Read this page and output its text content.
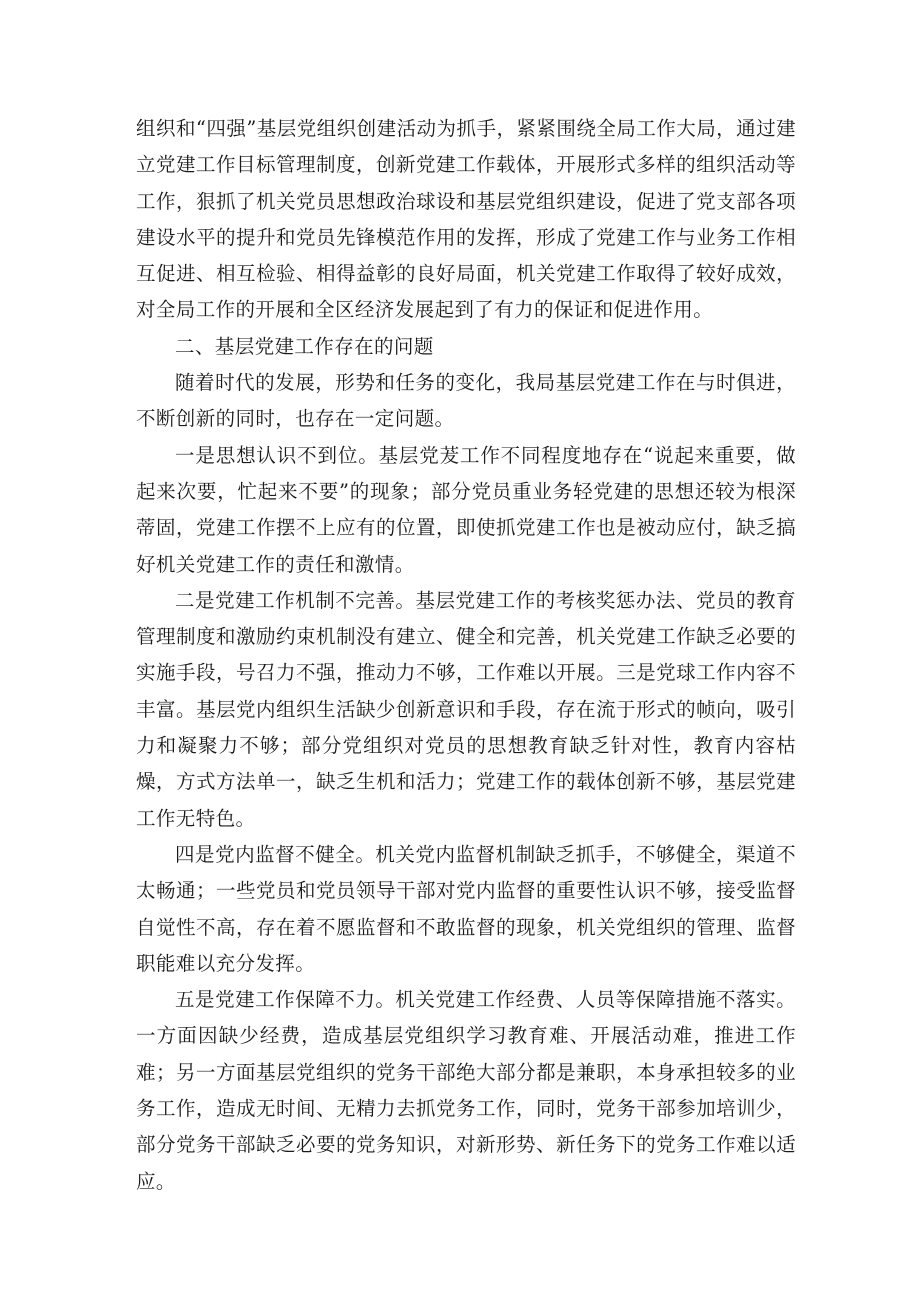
组织和“四强”基层党组织创建活动为抓手，紧紧围绕全局工作大局，通过建立党建工作目标管理制度，创新党建工作载体，开展形式多样的组织活动等工作，狠抓了机关党员思想政治球设和基层党组织建设，促进了党支部各项建设水平的提升和党员先锋模范作用的发挥，形成了党建工作与业务工作相互促进、相互检验、相得益彰的良好局面，机关党建工作取得了较好成效，对全局工作的开展和全区经济发展起到了有力的保证和促进作用。

二、基层党建工作存在的问题

随着时代的发展，形势和任务的变化，我局基层党建工作在与时俱进，不断创新的同时，也存在一定问题。

一是思想认识不到位。基层党茇工作不同程度地存在“说起来重要，做起来次要，忙起来不要”的现象；部分党员重业务轻党建的思想还较为根深蒂固，党建工作摆不上应有的位置，即使抓党建工作也是被动应付，缺乏搞好机关党建工作的责任和激情。

二是党建工作机制不完善。基层党建工作的考核奖惩办法、党员的教育管理制度和激励约束机制没有建立、健全和完善，机关党建工作缺乏必要的实施手段，号召力不强，推动力不够，工作难以开展。三是党球工作内容不丰富。基层党内组织生活缺少创新意识和手段，存在流于形式的帧向，吸引力和凝聚力不够；部分党组织对党员的思想教育缺乏针对性，教育内容枯燥，方式方法单一，缺乏生机和活力；党建工作的载体创新不够，基层党建工作无特色。

四是党内监督不健全。机关党内监督机制缺乏抓手，不够健全，渠道不太畅通；一些党员和党员领导干部对党内监督的重要性认识不够，接受监督自觉性不高，存在着不愿监督和不敢监督的现象，机关党组织的管理、监督职能难以充分发挥。

五是党建工作保障不力。机关党建工作经费、人员等保障措施不落实。一方面因缺少经费，造成基层党组织学习教育难、开展活动难，推进工作难；另一方面基层党组织的党务干部绝大部分都是兼职，本身承担较多的业务工作，造成无时间、无精力去抓党务工作，同时，党务干部参加培训少，部分党务干部缺乏必要的党务知识，对新形势、新任务下的党务工作难以适应。
